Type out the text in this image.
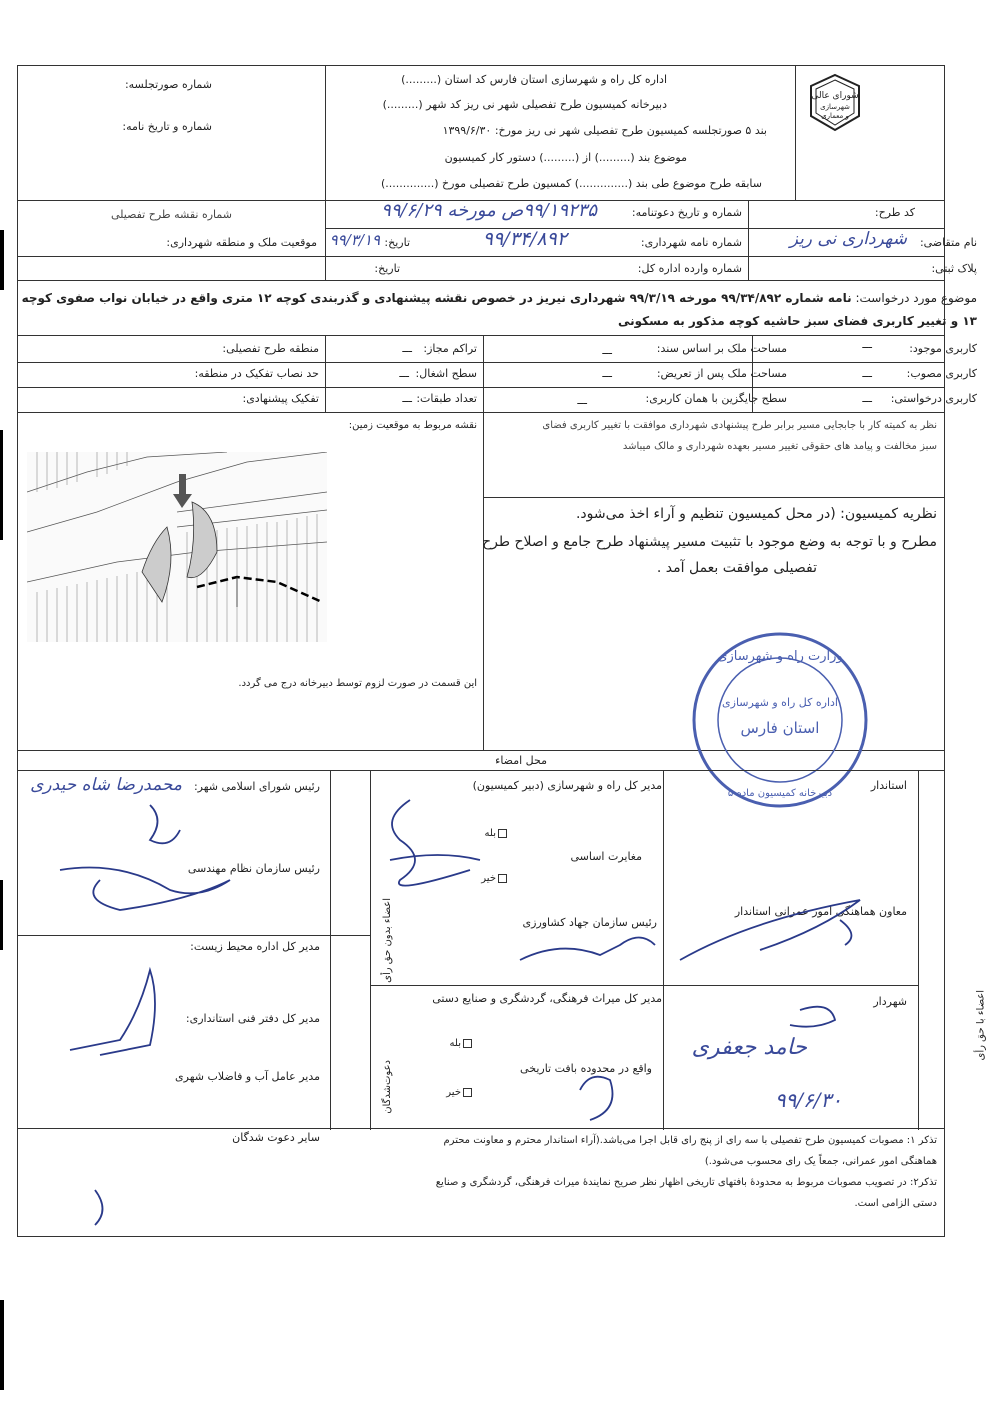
شورای عالی
شهرسازی
و معماری
اداره کل راه و شهرسازی استان فارس کد استان (.........)
دبیرخانه کمیسیون طرح تفصیلی شهر نی ریز کد شهر (.........)
بند ۵ صورتجلسه کمیسیون طرح تفصیلی شهر نی ریز مورخ: ۱۳۹۹/۶/۳۰
موضوع بند (.........) از (.........) دستور کار کمیسیون
سابقه طرح موضوع طی بند (..............) کمسیون طرح تفصیلی مورخ (..............)
شماره صورتجلسه:
شماره و تاریخ نامه:
کد طرح:
شماره و تاریخ دعوتنامه:
۹۹/۱۹۲۳۵ص مورخه ۹۹/۶/۲۹
شماره نقشه طرح تفصیلی
نام متقاضی:
شهرداری نی ریز
شماره نامه شهرداری:
۹۹/۳۴/۸۹۲
تاریخ:
۹۹/۳/۱۹
موقعیت ملک و منطقه شهرداری:
پلاک ثبتی:
شماره وارده اداره کل:
تاریخ:
موضوع مورد درخواست: نامه شماره ۹۹/۳۴/۸۹۲ مورخه ۹۹/۳/۱۹ شهرداری نیریز در خصوص نقشه پیشنهادی و گذربندی کوچه ۱۲ متری واقع در خیابان نواب صفوی کوچه
۱۳ و تغییر کاربری فضای سبز حاشیه کوچه مذکور به مسکونی
کاربری موجود:
ـــ
کاربری مصوب:
ـــ
کاربری درخواستی:
ـــ
مساحت ملک بر اساس سند:
ـــ
مساحت ملک پس از تعریض:
ـــ
سطح جایگزین با همان کاربری:
ـــ
تراکم مجاز:
ـــ
سطح اشغال:
ـــ
تعداد طبقات:
ـــ
منطقه طرح تفصیلی:
حد نصاب تفکیک در منطقه:
تفکیک پیشنهادی:
نقشه مربوط به موقعیت زمین:
این قسمت در صورت لزوم توسط دبیرخانه درج می گردد.
نظر به کمیته کار با جابجایی مسیر برابر طرح پیشنهادی شهرداری موافقت با تغییر کاربری فضای
سبز مخالفت و پیامد های حقوقی تغییر مسیر بعهده شهرداری و مالک میباشد
نظریه کمیسیون: (در محل کمیسیون تنظیم و آراء اخذ می‌شود.
مطرح و با توجه به وضع موجود با تثبیت مسیر پیشنهاد طرح جامع و اصلاح طرح
تفصیلی موافقت بعمل آمد .
وزارت راه و شهرسازی
اداره کل راه و شهرسازی
استان فارس
دبیرخانه کمیسیون ماده ۵
محل امضاء
اعضاء بدون حق رأی
دعوت‌شدگان
اعضاء با حق رأی
رئیس شورای اسلامی شهر:
محمدرضا شاه حیدری
رئیس سازمان نظام مهندسی
مدیر کل اداره محیط زیست:
مدیر کل دفتر فنی استانداری:
مدیر عامل آب و فاضلاب شهری
مدیر کل راه و شهرسازی (دبیر کمیسیون)
بله
مغایرت اساسی
خیر
رئیس سازمان جهاد کشاورزی
مدیر کل میراث فرهنگی، گردشگری و صنایع دستی
بله
واقع در محدوده بافت تاریخی
خیر
استاندار
معاون هماهنگی امور عمرانی استاندار
شهردار
حامد جعفری
۹۹/۶/۳۰
سایر دعوت شدگان	تذکر ۱: مصوبات کمیسیون طرح تفصیلی با سه رای از پنج رای قابل اجرا می‌باشد.(آراء استاندار محترم و معاونت محترم
هماهنگی امور عمرانی، جمعاً یک رای محسوب می‌شود.)
تذکر۲: در تصویب مصوبات مربوط به محدودۀ بافتهای تاریخی اظهار نظر صریح نمایندۀ میراث فرهنگی، گردشگری و صنایع
دستی الزامی است.
